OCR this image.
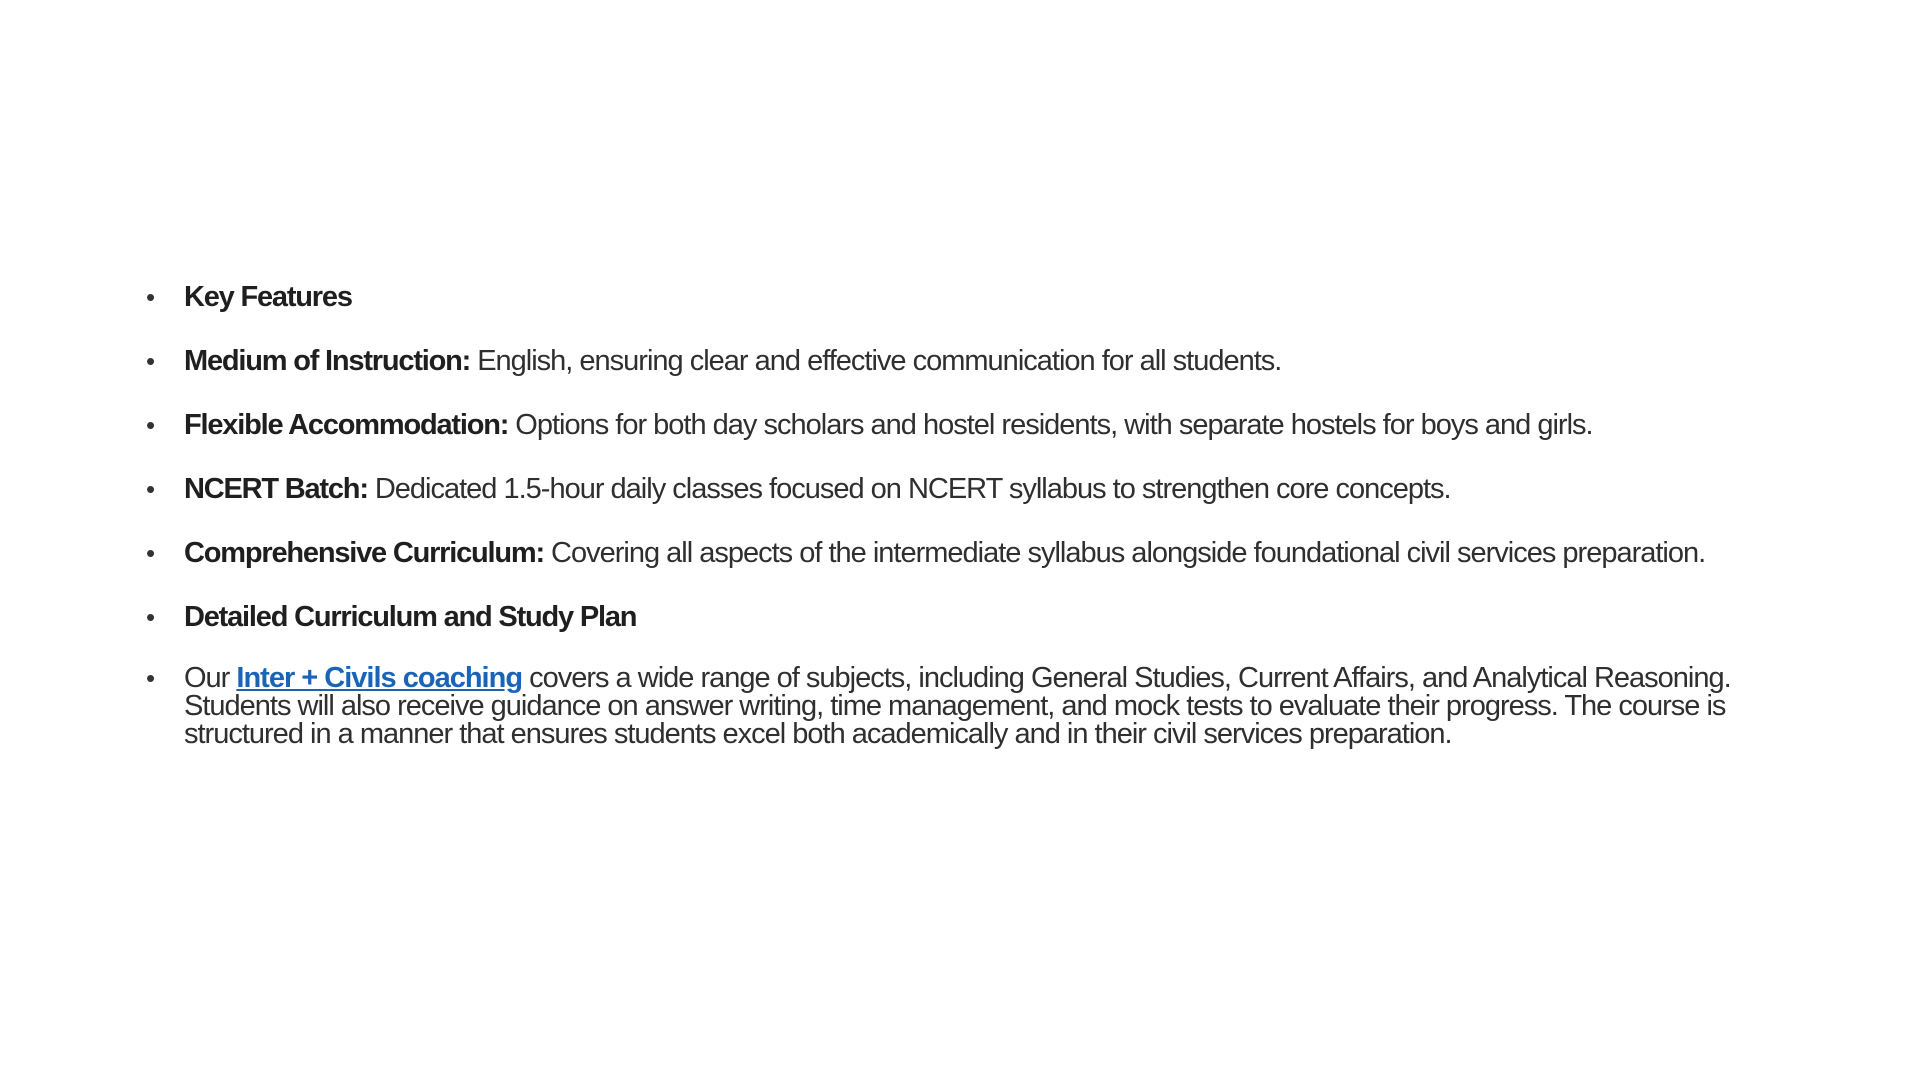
• Key Features
• Medium of Instruction: English, ensuring clear and effective communication for all students.
• Flexible Accommodation: Options for both day scholars and hostel residents, with separate hostels for boys and girls.
• NCERT Batch: Dedicated 1.5-hour daily classes focused on NCERT syllabus to strengthen core concepts.
• Comprehensive Curriculum: Covering all aspects of the intermediate syllabus alongside foundational civil services preparation.
• Detailed Curriculum and Study Plan
• Our Inter + Civils coaching covers a wide range of subjects, including General Studies, Current Affairs, and Analytical Reasoning. Students will also receive guidance on answer writing, time management, and mock tests to evaluate their progress. The course is structured in a manner that ensures students excel both academically and in their civil services preparation.
